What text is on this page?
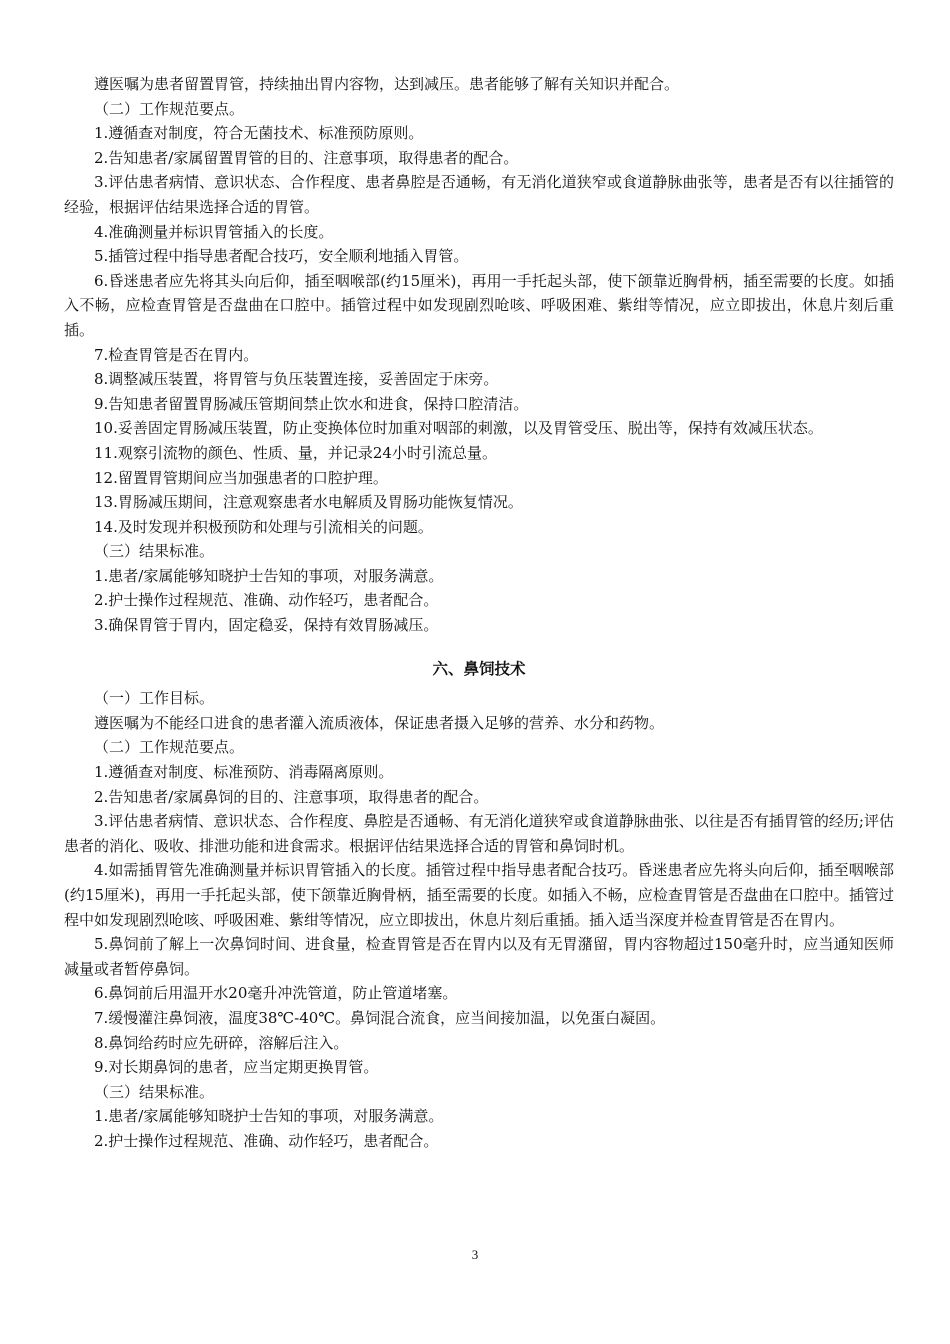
遵医嘱为患者留置胃管，持续抽出胃内容物，达到减压。患者能够了解有关知识并配合。

（二）工作规范要点。

1.遵循查对制度，符合无菌技术、标准预防原则。

2.告知患者/家属留置胃管的目的、注意事项，取得患者的配合。

3.评估患者病情、意识状态、合作程度、患者鼻腔是否通畅，有无消化道狭窄或食道静脉曲张等，患者是否有以往插管的经验，根据评估结果选择合适的胃管。

4.准确测量并标识胃管插入的长度。

5.插管过程中指导患者配合技巧，安全顺利地插入胃管。

6.昏迷患者应先将其头向后仰，插至咽喉部(约15厘米)，再用一手托起头部，使下颌靠近胸骨柄，插至需要的长度。如插入不畅，应检查胃管是否盘曲在口腔中。插管过程中如发现剧烈呛咳、呼吸困难、紫绀等情况，应立即拔出，休息片刻后重插。

7.检查胃管是否在胃内。

8.调整减压装置，将胃管与负压装置连接，妥善固定于床旁。

9.告知患者留置胃肠减压管期间禁止饮水和进食，保持口腔清洁。

10.妥善固定胃肠减压装置，防止变换体位时加重对咽部的刺激，以及胃管受压、脱出等，保持有效减压状态。

11.观察引流物的颜色、性质、量，并记录24小时引流总量。

12.留置胃管期间应当加强患者的口腔护理。

13.胃肠减压期间，注意观察患者水电解质及胃肠功能恢复情况。

14.及时发现并积极预防和处理与引流相关的问题。

（三）结果标准。

1.患者/家属能够知晓护士告知的事项，对服务满意。

2.护士操作过程规范、准确、动作轻巧，患者配合。

3.确保胃管于胃内，固定稳妥，保持有效胃肠减压。

六、鼻饲技术

（一）工作目标。

遵医嘱为不能经口进食的患者灌入流质液体，保证患者摄入足够的营养、水分和药物。

（二）工作规范要点。

1.遵循查对制度、标准预防、消毒隔离原则。

2.告知患者/家属鼻饲的目的、注意事项，取得患者的配合。

3.评估患者病情、意识状态、合作程度、鼻腔是否通畅、有无消化道狭窄或食道静脉曲张、以往是否有插胃管的经历;评估患者的消化、吸收、排泄功能和进食需求。根据评估结果选择合适的胃管和鼻饲时机。

4.如需插胃管先准确测量并标识胃管插入的长度。插管过程中指导患者配合技巧。昏迷患者应先将头向后仰，插至咽喉部(约15厘米)，再用一手托起头部，使下颌靠近胸骨柄，插至需要的长度。如插入不畅，应检查胃管是否盘曲在口腔中。插管过程中如发现剧烈呛咳、呼吸困难、紫绀等情况，应立即拔出，休息片刻后重插。插入适当深度并检查胃管是否在胃内。

5.鼻饲前了解上一次鼻饲时间、进食量，检查胃管是否在胃内以及有无胃潴留，胃内容物超过150毫升时，应当通知医师减量或者暂停鼻饲。

6.鼻饲前后用温开水20毫升冲洗管道，防止管道堵塞。

7.缓慢灌注鼻饲液，温度38℃-40℃。鼻饲混合流食，应当间接加温，以免蛋白凝固。

8.鼻饲给药时应先研碎，溶解后注入。

9.对长期鼻饲的患者，应当定期更换胃管。

（三）结果标准。

1.患者/家属能够知晓护士告知的事项，对服务满意。

2.护士操作过程规范、准确、动作轻巧，患者配合。

3
